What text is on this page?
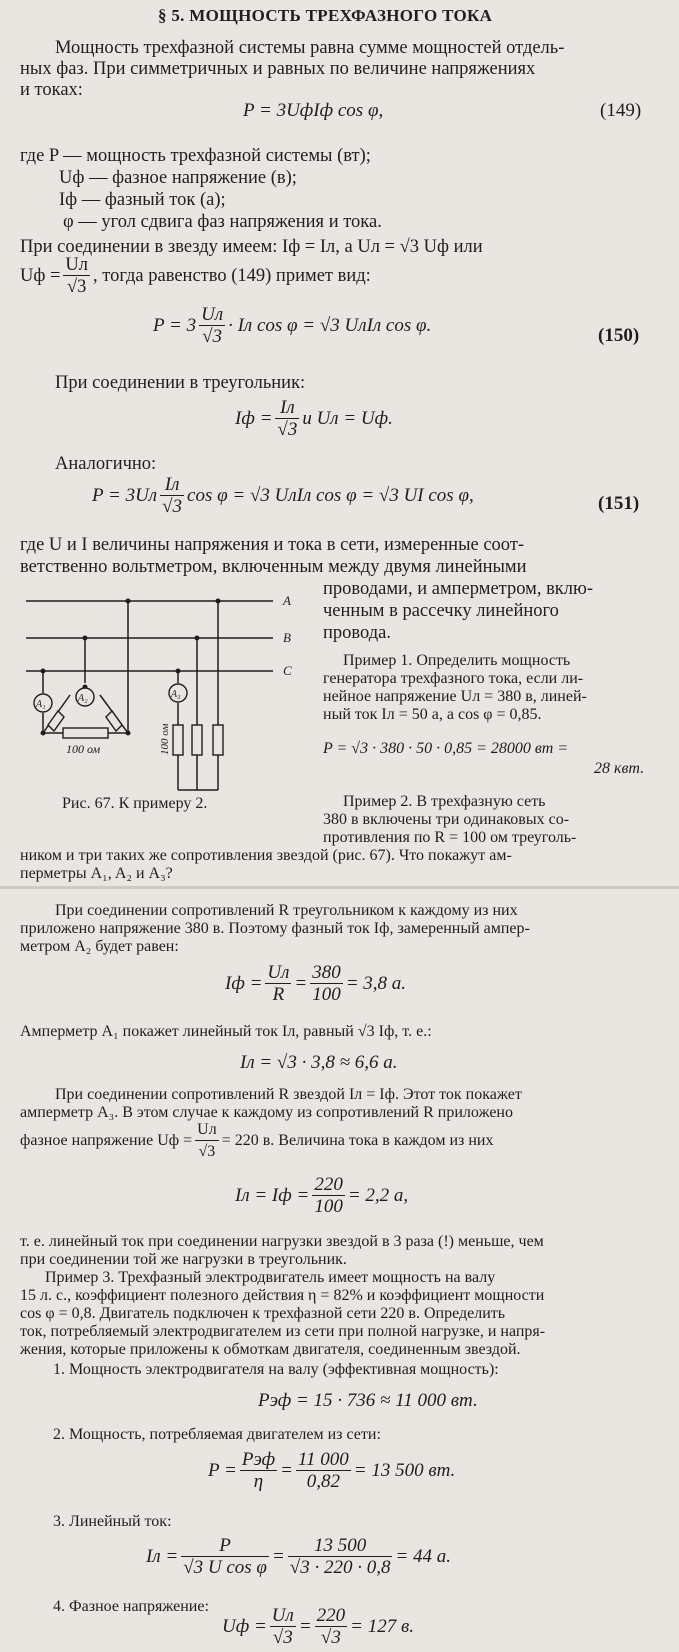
§ 5. МОЩНОСТЬ ТРЕХФАЗНОГО ТОКА
Мощность трехфазной системы равна сумме мощностей отдель-
ных фаз. При симметричных и равных по величине напряжениях
и токах:
P = 3UфIф cos φ,	(149)
где P — мощность трехфазной системы (вт);
Uф — фазное напряжение (в);
Iф — фазный ток (а);
φ — угол сдвига фаз напряжения и тока.
При соединении в звезду имеем: Iф = Iл, а Uл = √3 Uф или
Uф = $\frac{Uл}{√3}$ , тогда равенство (149) примет вид:
$P = 3 \frac{Uл}{√3}$ · Iл cos φ = √3 UлIл cos φ.	(150)
При соединении в треугольник:
Iф = $\frac{Iл}{√3}$ и Uл = Uф.
Аналогично:
$P = 3Uл \frac{Iл}{√3}$ cos φ = √3 UлIл cos φ = √3 UI cos φ,	(151)
где U и I величины напряжения и тока в сети, измеренные соот-
ветственно вольтметром, включенным между двумя линейными
проводами, и амперметром, вклю-
ченным в рассечку линейного
провода.
A
B
C
A₁
A₂	A₃
100 ом	100 ом
Пример 1. Определить мощность
генератора трехфазного тока, если ли-
нейное напряжение Uл = 380 в, линей-
ный ток Iл = 50 а, а cos φ = 0,85.
P = √3 · 380 · 50 · 0,85 = 28000 вт =
28 квт.
Рис. 67. К примеру 2.	Пример 2. В трехфазную сеть
380 в включены три одинаковых со-
противления по R = 100 ом треуголь-
ником и три таких же сопротивления звездой (рис. 67). Что покажут ам-
перметры A₁, A₂ и A₃?
При соединении сопротивлений R треугольником к каждому из них
приложено напряжение 380 в. Поэтому фазный ток Iф, замеренный ампер-
метром A₂ будет равен:
Iф = $\frac{Uл}{R} = \frac{380}{100} = 3,8$ а.
Амперметр A₁ покажет линейный ток Iл, равный √3 Iф, т. е.:
Iл = √3 · 3,8 ≈ 6,6 а.
При соединении сопротивлений R звездой Iл = Iф. Этот ток покажет
амперметр A₃. В этом случае к каждому из сопротивлений R приложено
фазное напряжение Uф = $\frac{Uл}{√3} = 220$ в. Величина тока в каждом из них
Iл = Iф = $\frac{220}{100} = 2,2$ а,
т. е. линейный ток при соединении нагрузки звездой в 3 раза (!) меньше, чем
при соединении той же нагрузки в треугольник.
Пример 3. Трехфазный электродвигатель имеет мощность на валу
15 л. с., коэффициент полезного действия η = 82% и коэффициент мощности
cos φ = 0,8. Двигатель подключен к трехфазной сети 220 в. Определить
ток, потребляемый электродвигателем из сети при полной нагрузке, и напря-
жения, которые приложены к обмоткам двигателя, соединенным звездой.
1. Мощность электродвигателя на валу (эффективная мощность):
Pэф = 15 · 736 ≈ 11 000 вт.
2. Мощность, потребляемая двигателем из сети:
$P = \frac{\text{Pэф}}{\eta} = \frac{11 000}{0,82} = 13$ 500 вт.
3. Линейный ток:
Iл = $\frac{P}{\text{√3 U cos φ}} = \frac{13 500}{√3 \cdot 220 \cdot 0,8} = 44$ а.
4. Фазное напряжение:
Uф = $\frac{Uл}{√3} = \frac{220}{√3} = 127$ в.
